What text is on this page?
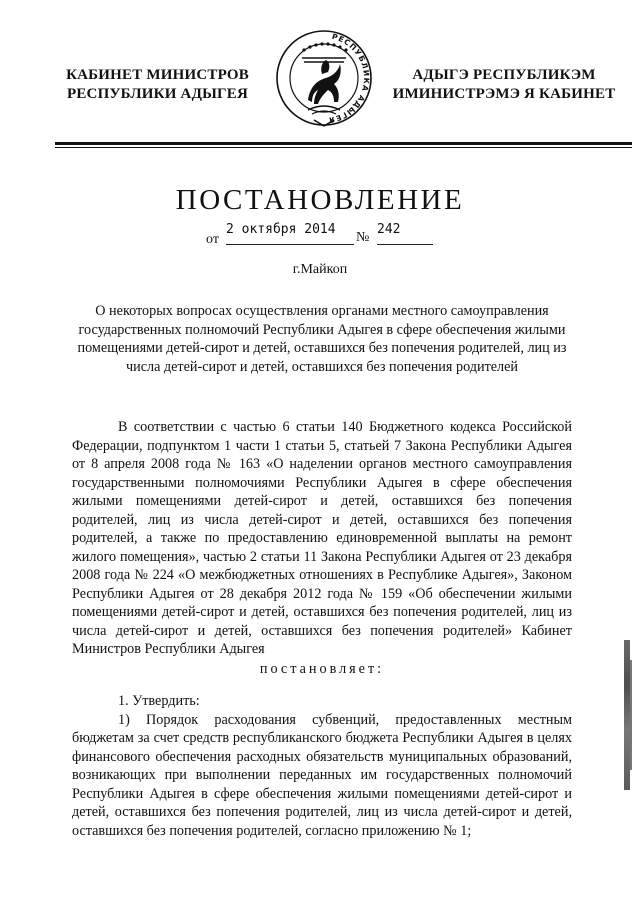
КАБИНЕТ МИНИСТРОВ
РЕСПУБЛИКИ АДЫГЕЯ
РЕСПУБЛИКА АДЫГЕЯ
АДЫГЭ РЕСПУБЛИКЭМ
ИМИНИСТРЭМЭ Я КАБИНЕТ
ПОСТАНОВЛЕНИЕ
от
2 октября 2014
№
242
г.Майкоп
О некоторых вопросах осуществления органами местного самоуправления государственных полномочий Республики Адыгея в сфере обеспечения жилыми помещениями детей-сирот и детей, оставшихся без попечения родителей, лиц из числа детей-сирот и детей, оставшихся без попечения родителей

В соответствии с частью 6 статьи 140 Бюджетного кодекса Российской Федерации, подпунктом 1 части 1 статьи 5, статьей 7 Закона Республики Адыгея от 8 апреля 2008 года № 163 «О наделении органов местного самоуправления государственными полномочиями Республики Адыгея в сфере обеспечения жилыми помещениями детей-сирот и детей, оставшихся без попечения родителей, лиц из числа детей-сирот и детей, оставшихся без попечения родителей, а также по предоставлению единовременной выплаты на ремонт жилого помещения», частью 2 статьи 11 Закона Республики Адыгея от 23 декабря 2008 года № 224 «О межбюджетных отношениях в Республике Адыгея», Законом Республики Адыгея от 28 декабря 2012 года № 159 «Об обеспечении жилыми помещениями детей-сирот и детей, оставшихся без попечения родителей, лиц из числа детей-сирот и детей, оставшихся без попечения родителей» Кабинет Министров Республики Адыгея

постановляет:

1. Утвердить:

1) Порядок расходования субвенций, предоставленных местным бюджетам за счет средств республиканского бюджета Республики Адыгея в целях финансового обеспечения расходных обязательств муниципальных образований, возникающих при выполнении переданных им государственных полномочий Республики Адыгея в сфере обеспечения жилыми помещениями детей-сирот и детей, оставшихся без попечения родителей, лиц из числа детей-сирот и детей, оставшихся без попечения родителей, согласно приложению № 1;
